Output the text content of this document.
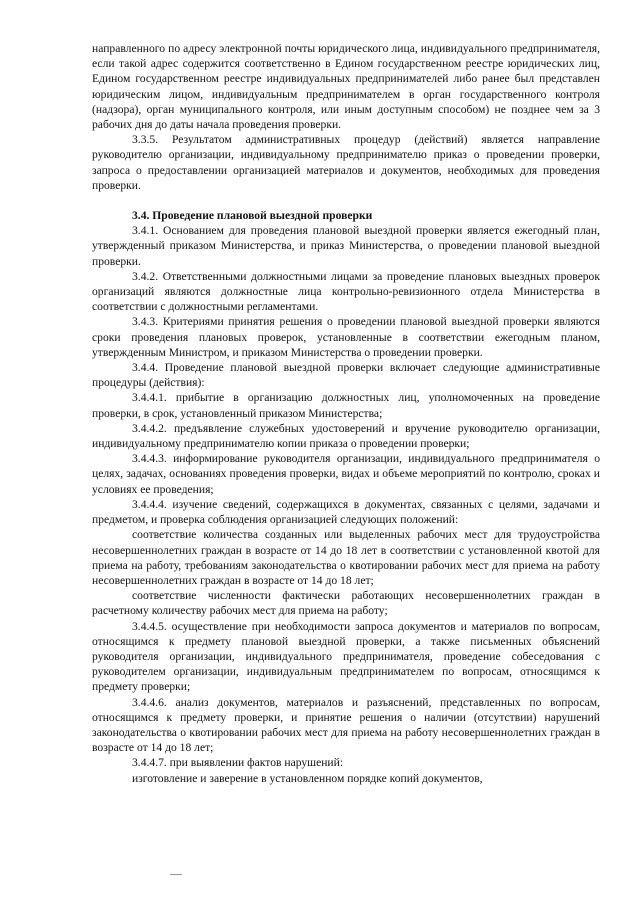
направленного по адресу электронной почты юридического лица, индивидуального предпринимателя, если такой адрес содержится соответственно в Едином государственном реестре юридических лиц, Едином государственном реестре индивидуальных предпринимателей либо ранее был представлен юридическим лицом, индивидуальным предпринимателем в орган государственного контроля (надзора), орган муниципального контроля, или иным доступным способом) не позднее чем за 3 рабочих дня до даты начала проведения проверки.

3.3.5. Результатом административных процедур (действий) является направление руководителю организации, индивидуальному предпринимателю приказ о проведении проверки, запроса о предоставлении организацией материалов и документов, необходимых для проведения проверки.

3.4. Проведение плановой выездной проверки

3.4.1. Основанием для проведения плановой выездной проверки является ежегодный план, утвержденный приказом Министерства, и приказ Министерства, о проведении плановой выездной проверки.

3.4.2. Ответственными должностными лицами за проведение плановых выездных проверок организаций являются должностные лица контрольно-ревизионного отдела Министерства в соответствии с должностными регламентами.

3.4.3. Критериями принятия решения о проведении плановой выездной проверки являются сроки проведения плановых проверок, установленные в соответствии ежегодным планом, утвержденным Министром, и приказом Министерства о проведении проверки.

3.4.4. Проведение плановой выездной проверки включает следующие административные процедуры (действия):

3.4.4.1. прибытие в организацию должностных лиц, уполномоченных на проведение проверки, в срок, установленный приказом Министерства;

3.4.4.2. предъявление служебных удостоверений и вручение руководителю организации, индивидуальному предпринимателю копии приказа о проведении проверки;

3.4.4.3. информирование руководителя организации, индивидуального предпринимателя о целях, задачах, основаниях проведения проверки, видах и объеме мероприятий по контролю, сроках и условиях ее проведения;

3.4.4.4. изучение сведений, содержащихся в документах, связанных с целями, задачами и предметом, и проверка соблюдения организацией следующих положений:

соответствие количества созданных или выделенных рабочих мест для трудоустройства несовершеннолетних граждан в возрасте от 14 до 18 лет в соответствии с установленной квотой для приема на работу, требованиям законодательства о квотировании рабочих мест для приема на работу несовершеннолетних граждан в возрасте от 14 до 18 лет;

соответствие численности фактически работающих несовершеннолетних граждан в расчетному количеству рабочих мест для приема на работу;

3.4.4.5. осуществление при необходимости запроса документов и материалов по вопросам, относящимся к предмету плановой выездной проверки, а также письменных объяснений руководителя организации, индивидуального предпринимателя, проведение собеседования с руководителем организации, индивидуальным предпринимателем по вопросам, относящимся к предмету проверки;

3.4.4.6. анализ документов, материалов и разъяснений, представленных по вопросам, относящимся к предмету проверки, и принятие решения о наличии (отсутствии) нарушений законодательства о квотировании рабочих мест для приема на работу несовершеннолетних граждан в возрасте от 14 до 18 лет;

3.4.4.7. при выявлении фактов нарушений:

изготовление и заверение в установленном порядке копий документов,
